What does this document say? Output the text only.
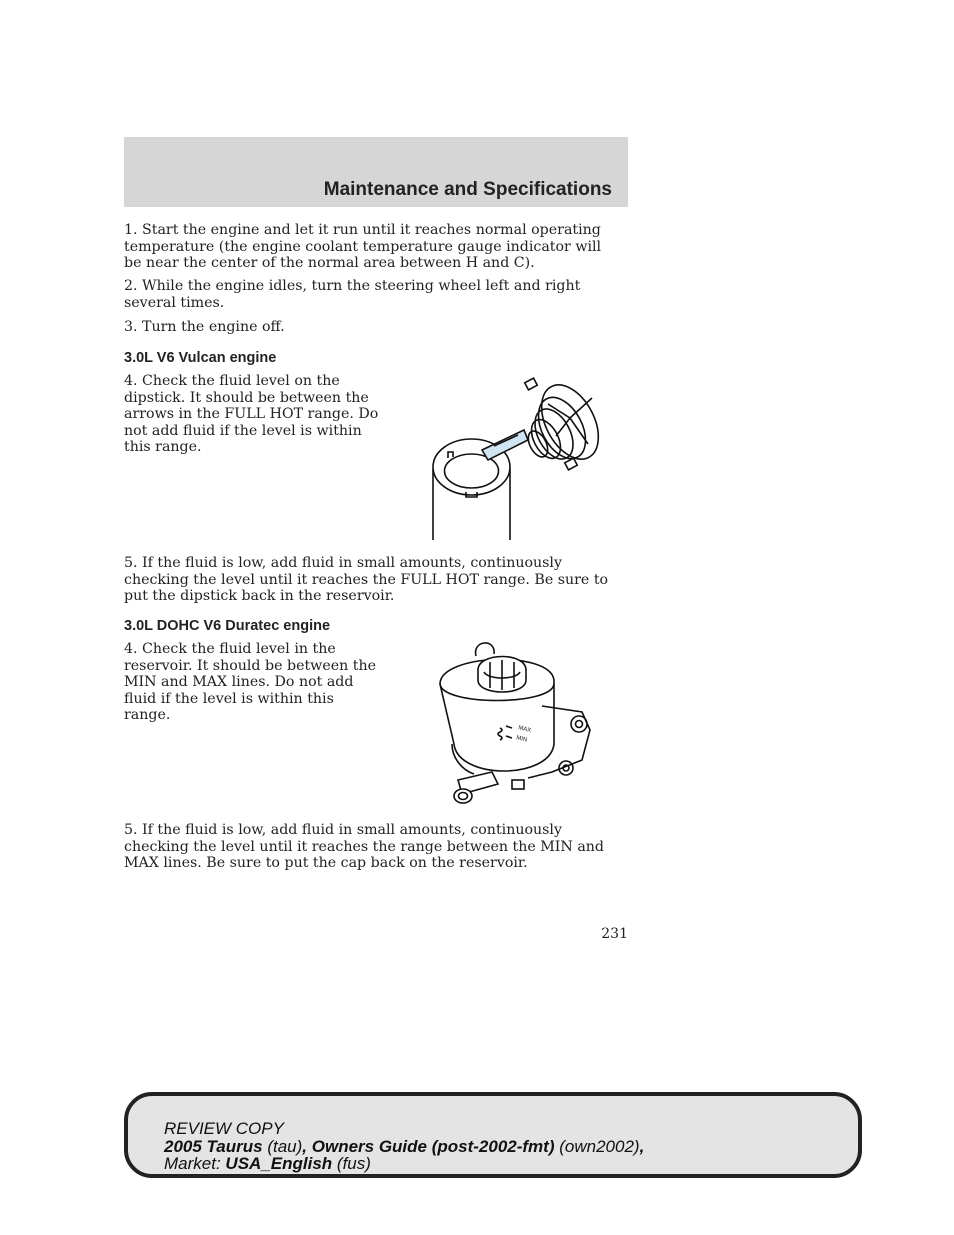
Maintenance and Specifications

1. Start the engine and let it run until it reaches normal operating temperature (the engine coolant temperature gauge indicator will be near the center of the normal area between H and C).

2. While the engine idles, turn the steering wheel left and right several times.

3. Turn the engine off.

3.0L V6 Vulcan engine

4. Check the fluid level on the dipstick. It should be between the arrows in the FULL HOT range. Do not add fluid if the level is within this range.

5. If the fluid is low, add fluid in small amounts, continuously checking the level until it reaches the FULL HOT range. Be sure to put the dipstick back in the reservoir.

3.0L DOHC V6 Duratec engine

4. Check the fluid level in the reservoir. It should be between the MIN and MAX lines. Do not add fluid if the level is within this range.

MAX
MIN

5. If the fluid is low, add fluid in small amounts, continuously checking the level until it reaches the range between the MIN and MAX lines. Be sure to put the cap back on the reservoir.

231
REVIEW COPY
2005 Taurus (tau), Owners Guide (post-2002-fmt) (own2002),
Market: USA_English (fus)
